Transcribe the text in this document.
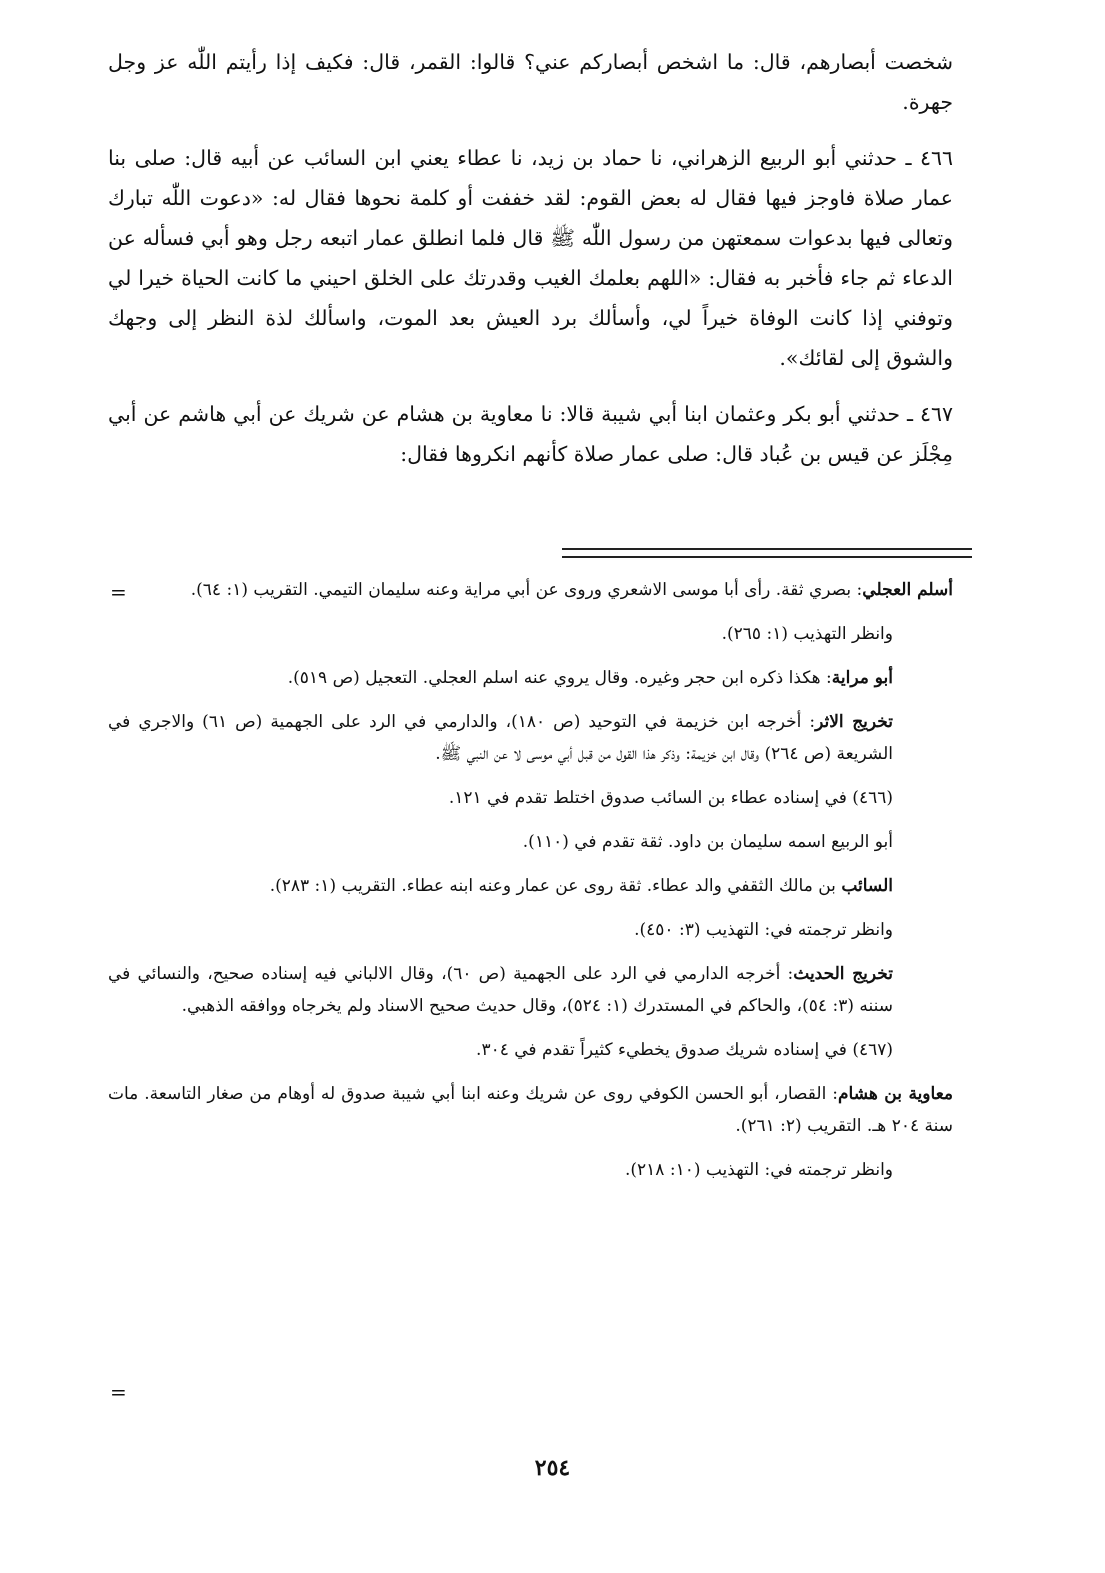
شخصت أبصارهم، قال: ما اشخص أبصاركم عني؟ قالوا: القمر، قال: فكيف إذا رأيتم اللّٰه عز وجل جهرة.

٤٦٦ ـ حدثني أبو الربيع الزهراني، نا حماد بن زيد، نا عطاء يعني ابن السائب عن أبيه قال: صلى بنا عمار صلاة فاوجز فيها فقال له بعض القوم: لقد خففت أو كلمة نحوها فقال له: «دعوت اللّٰه تبارك وتعالى فيها بدعوات سمعتهن من رسول اللّٰه ﷺ قال فلما انطلق عمار اتبعه رجل وهو أبي فسأله عن الدعاء ثم جاء فأخبر به فقال: «اللهم بعلمك الغيب وقدرتك على الخلق احيني ما كانت الحياة خيرا لي وتوفني إذا كانت الوفاة خيراً لي، وأسألك برد العيش بعد الموت، واسألك لذة النظر إلى وجهك والشوق إلى لقائك».

٤٦٧ ـ حدثني أبو بكر وعثمان ابنا أبي شيبة قالا: نا معاوية بن هشام عن شريك عن أبي هاشم عن أبي مِجْلَز عن قيس بن عُباد قال: صلى عمار صلاة كأنهم انكروها فقال:

=	أسلم العجلي: بصري ثقة. رأى أبا موسى الاشعري وروى عن أبي مراية وعنه سليمان التيمي. التقريب (١: ٦٤).

وانظر التهذيب (١: ٢٦٥).

أبو مراية: هكذا ذكره ابن حجر وغيره. وقال يروي عنه اسلم العجلي. التعجيل (ص ٥١٩).

تخريج الاثر: أخرجه ابن خزيمة في التوحيد (ص ١٨٠)، والدارمي في الرد على الجهمية (ص ٦١) والاجري في الشريعة (ص ٢٦٤) وقال ابن خزيمة: وذكر هذا القول من قبل أبي موسى لا عن النبي ﷺ.

(٤٦٦) في إسناده عطاء بن السائب صدوق اختلط تقدم في ١٢١.

أبو الربيع اسمه سليمان بن داود. ثقة تقدم في (١١٠).

السائب بن مالك الثقفي والد عطاء. ثقة روى عن عمار وعنه ابنه عطاء. التقريب (١: ٢٨٣).

وانظر ترجمته في: التهذيب (٣: ٤٥٠).

تخريج الحديث: أخرجه الدارمي في الرد على الجهمية (ص ٦٠)، وقال الالباني فيه إسناده صحيح، والنسائي في سننه (٣: ٥٤)، والحاكم في المستدرك (١: ٥٢٤)، وقال حديث صحيح الاسناد ولم يخرجاه ووافقه الذهبي.

(٤٦٧) في إسناده شريك صدوق يخطيء كثيراً تقدم في ٣٠٤.

معاوية بن هشام: القصار، أبو الحسن الكوفي روى عن شريك وعنه ابنا أبي شيبة صدوق له أوهام من صغار التاسعة. مات سنة ٢٠٤ هـ. التقريب (٢: ٢٦١).

وانظر ترجمته في: التهذيب (١٠: ٢١٨).

=
٢٥٤
